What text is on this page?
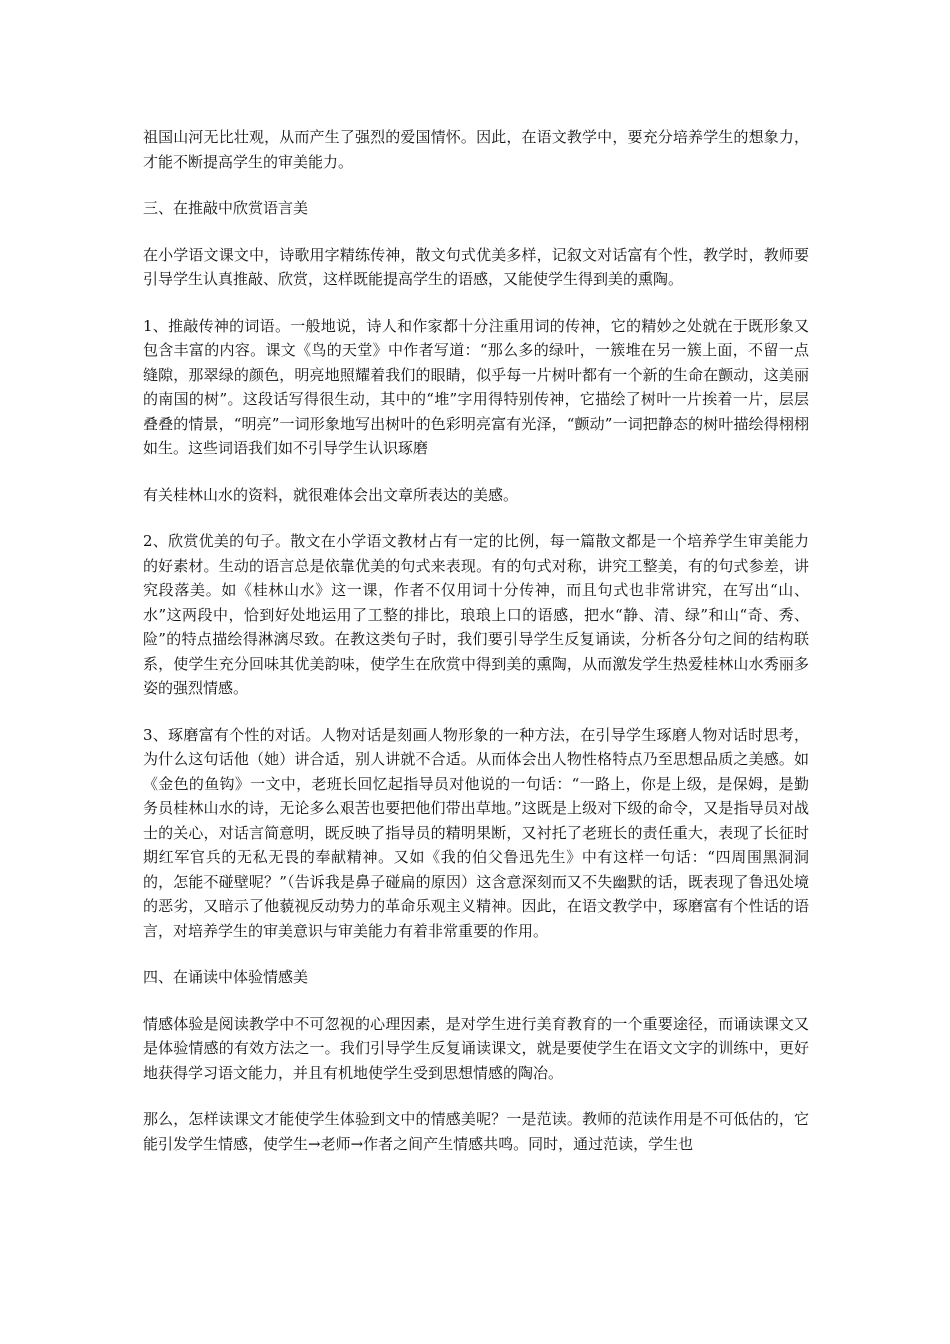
祖国山河无比壮观，从而产生了强烈的爱国情怀。因此，在语文教学中，要充分培养学生的想象力，才能不断提高学生的审美能力。

三、在推敲中欣赏语言美

在小学语文课文中，诗歌用字精练传神，散文句式优美多样，记叙文对话富有个性，教学时，教师要引导学生认真推敲、欣赏，这样既能提高学生的语感，又能使学生得到美的熏陶。

1、推敲传神的词语。一般地说，诗人和作家都十分注重用词的传神，它的精妙之处就在于既形象又包含丰富的内容。课文《鸟的天堂》中作者写道：“那么多的绿叶，一簇堆在另一簇上面，不留一点缝隙，那翠绿的颜色，明亮地照耀着我们的眼睛，似乎每一片树叶都有一个新的生命在颤动，这美丽的南国的树”。这段话写得很生动，其中的“堆”字用得特别传神，它描绘了树叶一片挨着一片，层层叠叠的情景，“明亮”一词形象地写出树叶的色彩明亮富有光泽，“颤动”一词把静态的树叶描绘得栩栩如生。这些词语我们如不引导学生认识琢磨

有关桂林山水的资料，就很难体会出文章所表达的美感。

2、欣赏优美的句子。散文在小学语文教材占有一定的比例，每一篇散文都是一个培养学生审美能力的好素材。生动的语言总是依靠优美的句式来表现。有的句式对称，讲究工整美，有的句式参差，讲究段落美。如《桂林山水》这一课，作者不仅用词十分传神，而且句式也非常讲究，在写出“山、水”这两段中，恰到好处地运用了工整的排比，琅琅上口的语感，把水“静、清、绿”和山“奇、秀、险”的特点描绘得淋漓尽致。在教这类句子时，我们要引导学生反复诵读，分析各分句之间的结构联系，使学生充分回味其优美韵味，使学生在欣赏中得到美的熏陶，从而激发学生热爱桂林山水秀丽多姿的强烈情感。

3、琢磨富有个性的对话。人物对话是刻画人物形象的一种方法，在引导学生琢磨人物对话时思考，为什么这句话他（她）讲合适，别人讲就不合适。从而体会出人物性格特点乃至思想品质之美感。如《金色的鱼钩》一文中，老班长回忆起指导员对他说的一句话：“一路上，你是上级，是保姆，是勤务员桂林山水的诗，无论多么艰苦也要把他们带出草地。”这既是上级对下级的命令，又是指导员对战士的关心，对话言简意明，既反映了指导员的精明果断，又衬托了老班长的责任重大，表现了长征时期红军官兵的无私无畏的奉献精神。又如《我的伯父鲁迅先生》中有这样一句话：“四周围黑洞洞的，怎能不碰壁呢？”（告诉我是鼻子碰扁的原因）这含意深刻而又不失幽默的话，既表现了鲁迅处境的恶劣，又暗示了他藐视反动势力的革命乐观主义精神。因此，在语文教学中，琢磨富有个性话的语言，对培养学生的审美意识与审美能力有着非常重要的作用。

四、在诵读中体验情感美

情感体验是阅读教学中不可忽视的心理因素，是对学生进行美育教育的一个重要途径，而诵读课文又是体验情感的有效方法之一。我们引导学生反复诵读课文，就是要使学生在语文文字的训练中，更好地获得学习语文能力，并且有机地使学生受到思想情感的陶冶。

那么，怎样读课文才能使学生体验到文中的情感美呢？一是范读。教师的范读作用是不可低估的，它能引发学生情感，使学生→老师→作者之间产生情感共鸣。同时，通过范读，学生也
